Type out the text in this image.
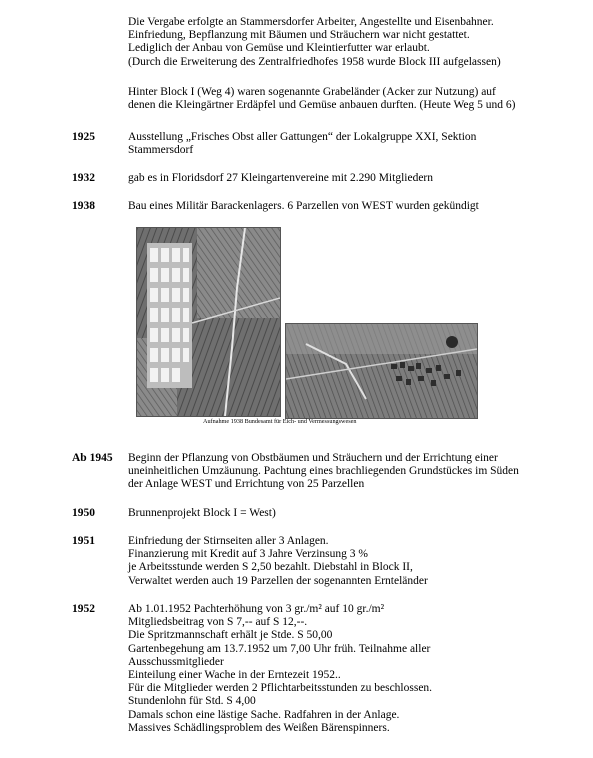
Die Vergabe erfolgte an Stammersdorfer Arbeiter, Angestellte und Eisenbahner.
Einfriedung, Bepflanzung mit Bäumen und Sträuchern war nicht gestattet.
Lediglich der Anbau von Gemüse und Kleintierfutter war erlaubt.
(Durch die Erweiterung des Zentralfriedhofes 1958 wurde Block III aufgelassen)
Hinter Block I (Weg 4) waren sogenannte Grabeländer (Acker zur Nutzung) auf
denen die Kleingärtner Erdäpfel und Gemüse anbauen durften. (Heute Weg 5 und 6)
1925	Ausstellung „Frisches Obst aller Gattungen“ der Lokalgruppe XXI, Sektion
Stammersdorf
1932	gab es in Floridsdorf 27 Kleingartenvereine mit 2.290 Mitgliedern
1938	Bau eines Militär Barackenlagers. 6 Parzellen von WEST wurden gekündigt
Aufnahme 1938 Bundesamt für Eich- und Vermessungswesen
Ab 1945 Beginn der Pflanzung von Obstbäumen und Sträuchern und der Errichtung einer
uneinheitlichen Umzäunung. Pachtung eines brachliegenden Grundstückes im Süden
der Anlage WEST und Errichtung von 25 Parzellen
1950	Brunnenprojekt Block I = West)
1951	Einfriedung der Stirnseiten aller 3 Anlagen.
Finanzierung mit Kredit auf 3 Jahre Verzinsung 3 %
je Arbeitsstunde werden S 2,50 bezahlt. Diebstahl in Block II,
Verwaltet werden auch 19 Parzellen der sogenannten Ernteländer
1952	Ab 1.01.1952 Pachterhöhung von 3 gr./m² auf 10 gr./m²
Mitgliedsbeitrag von S 7,-- auf S 12,--.
Die Spritzmannschaft erhält je Stde. S 50,00
Gartenbegehung am 13.7.1952 um 7,00 Uhr früh. Teilnahme aller
Ausschussmitglieder
Einteilung einer Wache in der Erntezeit 1952..
Für die Mitglieder werden 2 Pflichtarbeitsstunden zu beschlossen.
Stundenlohn für Std. S 4,00
Damals schon eine lästige Sache. Radfahren in der Anlage.
Massives Schädlingsproblem des Weißen Bärenspinners.
